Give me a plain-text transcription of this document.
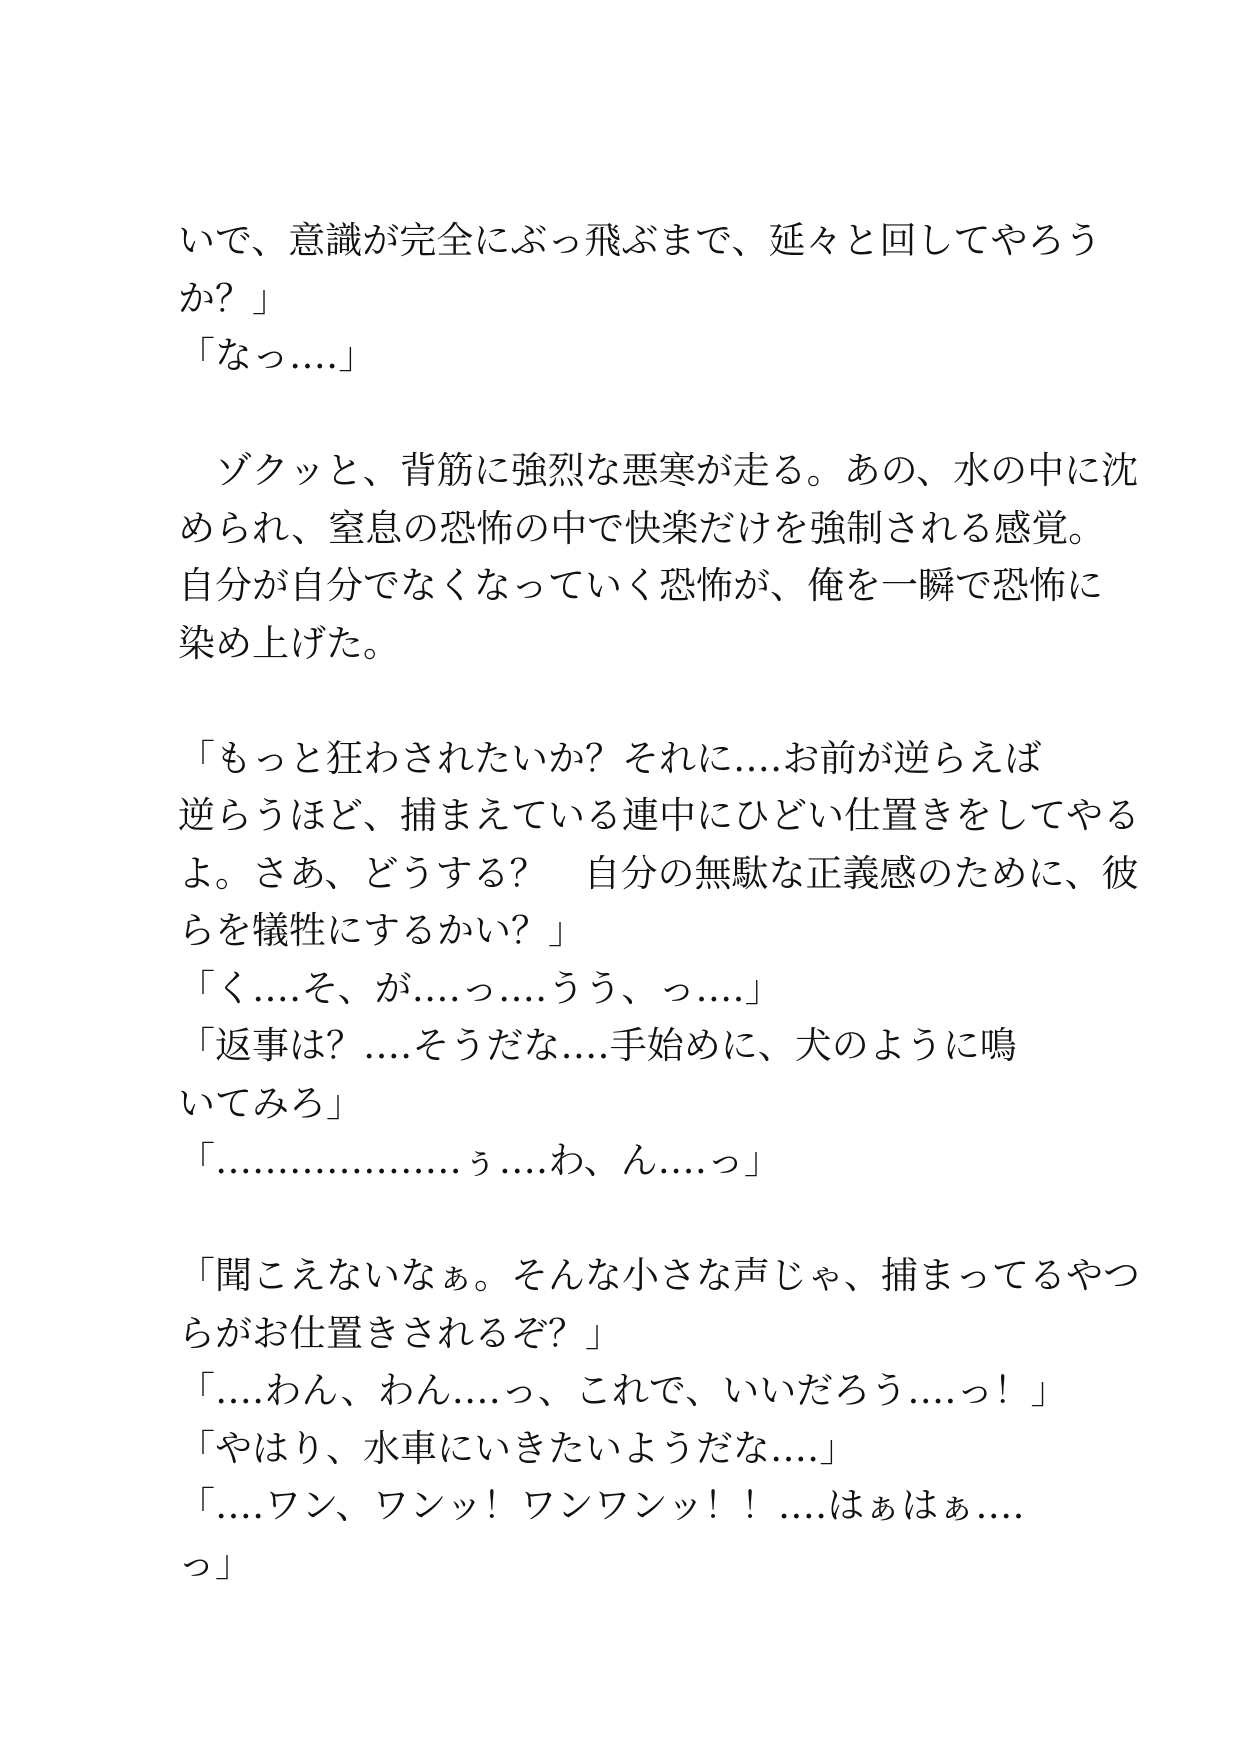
いで、意識が完全にぶっ飛ぶまで、延々と回してやろう
か？」
「なっ‥‥」
　ゾクッと、背筋に強烈な悪寒が走る。あの、水の中に沈
められ、窒息の恐怖の中で快楽だけを強制される感覚。
自分が自分でなくなっていく恐怖が、俺を一瞬で恐怖に
染め上げた。
「もっと狂わされたいか？それに‥‥お前が逆らえば
逆らうほど、捕まえている連中にひどい仕置きをしてやる
よ。さあ、どうする？　自分の無駄な正義感のために、彼
らを犠牲にするかい？」
「く‥‥そ、が‥‥っ‥‥うう、っ‥‥」
「返事は？‥‥そうだな‥‥手始めに、犬のように鳴
いてみろ」
「‥‥‥‥‥‥‥‥‥‥ぅ‥‥わ、ん‥‥っ」
「聞こえないなぁ。そんな小さな声じゃ、捕まってるやつ
らがお仕置きされるぞ？」
「‥‥わん、わん‥‥っ、これで、いいだろう‥‥っ！」
「やはり、水車にいきたいようだな‥‥」
「‥‥ワン、ワンッ！ワンワンッ！！‥‥はぁはぁ‥‥
っ」
